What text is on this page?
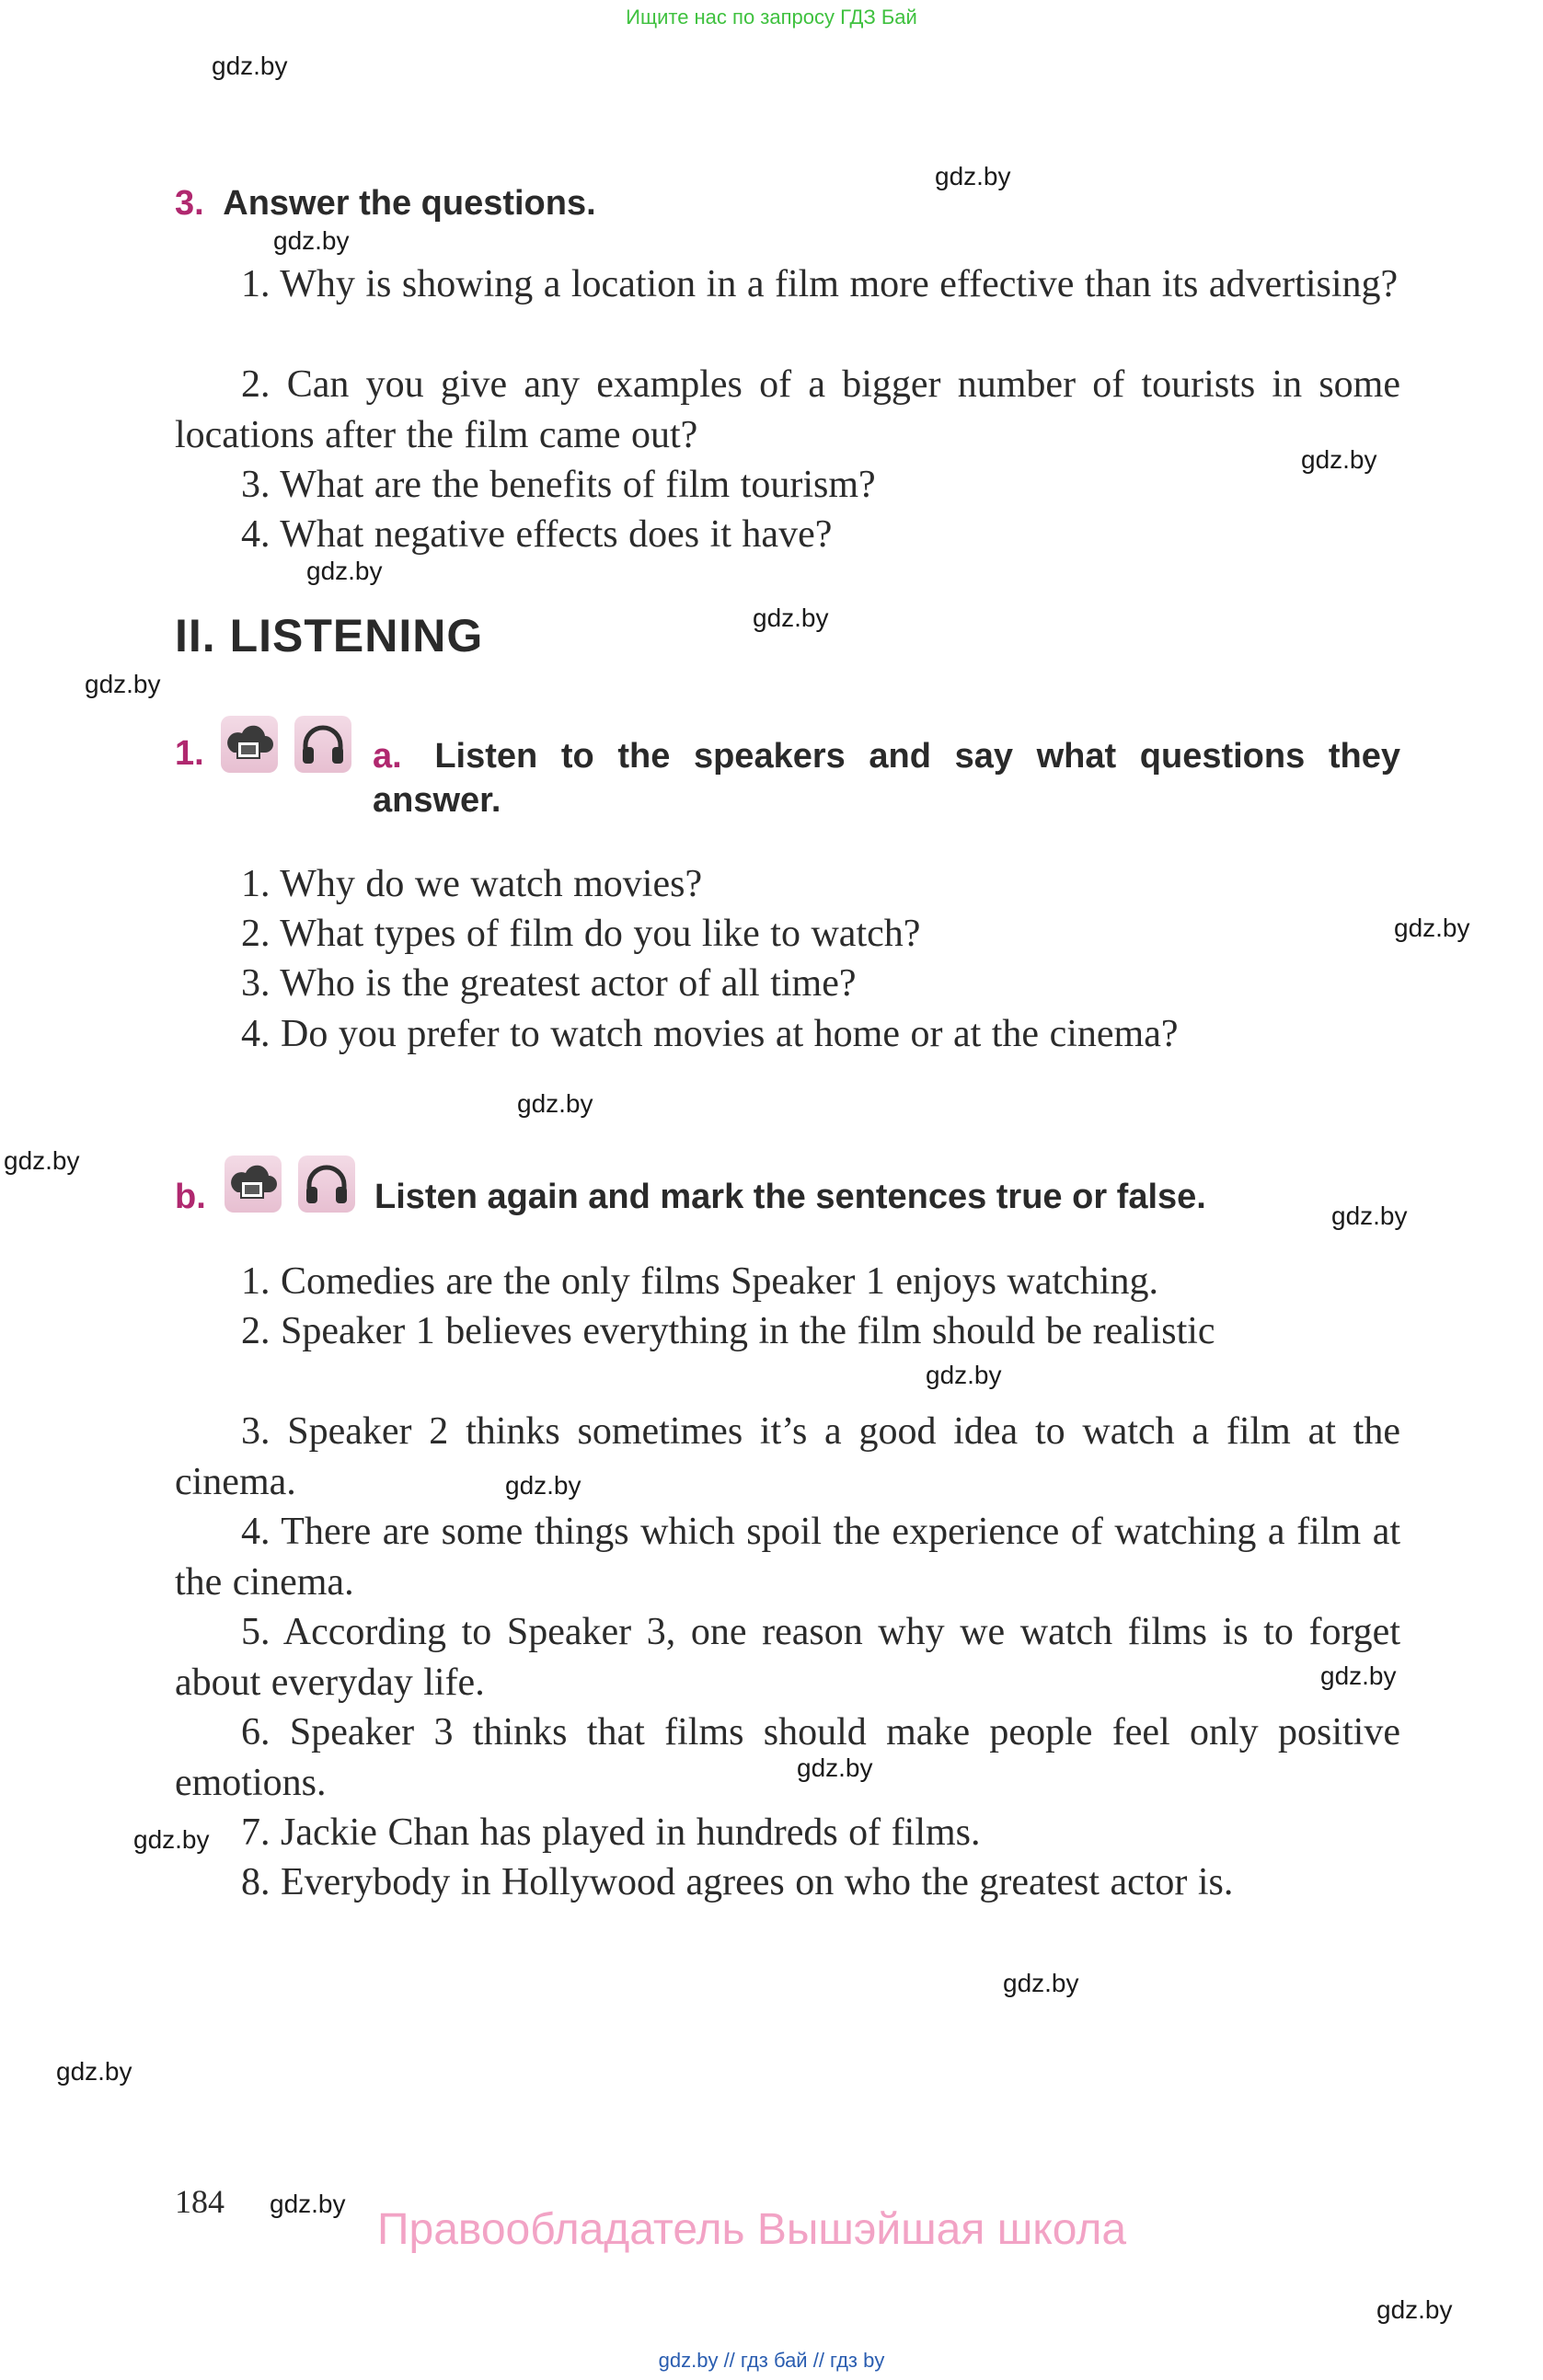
Ищите нас по запросу ГДЗ Бай
gdz.by
gdz.by
gdz.by
gdz.by
gdz.by
gdz.by
gdz.by
gdz.by
gdz.by
gdz.by
gdz.by
gdz.by
gdz.by
gdz.by
gdz.by
gdz.by
gdz.by
gdz.by
gdz.by
gdz.by
3. Answer the questions.

1. Why is showing a location in a film more effective than its advertising?

2. Can you give any examples of a bigger number of tourists in some locations after the film came out?

3. What are the benefits of film tourism?

4. What negative effects does it have?

II. LISTENING
1.	a. Listen to the speakers and say what questions they answer.

1. Why do we watch movies?

2. What types of film do you like to watch?

3. Who is the greatest actor of all time?

4. Do you prefer to watch movies at home or at the cinema?

b.	Listen again and mark the sentences true or false.

1. Comedies are the only films Speaker 1 enjoys watching.

2. Speaker 1 believes everything in the film should be realistic

3. Speaker 2 thinks sometimes it’s a good idea to watch a film at the cinema.

4. There are some things which spoil the experience of watching a film at the cinema.

5. According to Speaker 3, one reason why we watch films is to forget about everyday life.

6. Speaker 3 thinks that films should make people feel only positive emotions.

7. Jackie Chan has played in hundreds of films.

8. Everybody in Hollywood agrees on who the greatest actor is.

184
Правообладатель Вышэйшая школа
gdz.by // гдз бай // гдз by
